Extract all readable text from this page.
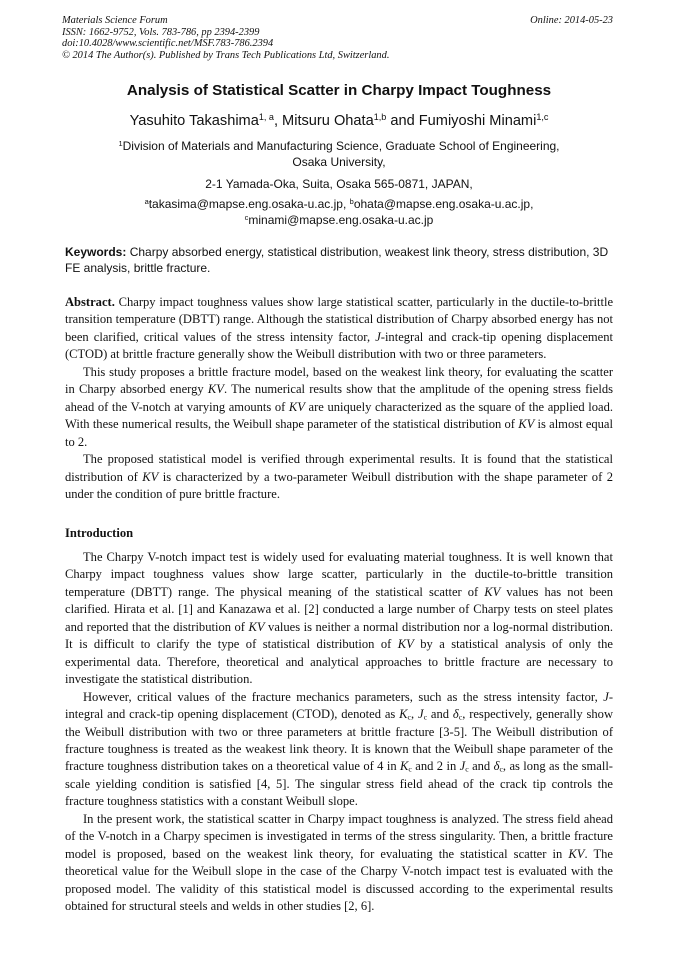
Materials Science Forum
ISSN: 1662-9752, Vols. 783-786, pp 2394-2399
doi:10.4028/www.scientific.net/MSF.783-786.2394
© 2014 The Author(s). Published by Trans Tech Publications Ltd, Switzerland.
Online: 2014-05-23
Analysis of Statistical Scatter in Charpy Impact Toughness
Yasuhito Takashima$^{1, a}$, Mitsuru Ohata$^{1,b}$ and Fumiyoshi Minami$^{1,c}$
$^1$Division of Materials and Manufacturing Science, Graduate School of Engineering,
Osaka University,
2-1 Yamada-Oka, Suita, Osaka 565-0871, JAPAN,
$^a$takasima@mapse.eng.osaka-u.ac.jp, $^b$ohata@mapse.eng.osaka-u.ac.jp,
$^c$minami@mapse.eng.osaka-u.ac.jp
Keywords: Charpy absorbed energy, statistical distribution, weakest link theory, stress distribution, 3D FE analysis, brittle fracture.

Abstract. Charpy impact toughness values show large statistical scatter, particularly in the ductile-to-brittle transition temperature (DBTT) range. Although the statistical distribution of Charpy absorbed energy has not been clarified, critical values of the stress intensity factor, J-integral and crack-tip opening displacement (CTOD) at brittle fracture generally show the Weibull distribution with two or three parameters.

This study proposes a brittle fracture model, based on the weakest link theory, for evaluating the scatter in Charpy absorbed energy KV. The numerical results show that the amplitude of the opening stress fields ahead of the V-notch at varying amounts of KV are uniquely characterized as the square of the applied load. With these numerical results, the Weibull shape parameter of the statistical distribution of KV is almost equal to 2.

The proposed statistical model is verified through experimental results. It is found that the statistical distribution of KV is characterized by a two-parameter Weibull distribution with the shape parameter of 2 under the condition of pure brittle fracture.

Introduction

The Charpy V-notch impact test is widely used for evaluating material toughness. It is well known that Charpy impact toughness values show large scatter, particularly in the ductile-to-brittle transition temperature (DBTT) range. The physical meaning of the statistical scatter of KV values has not been clarified. Hirata et al. [1] and Kanazawa et al. [2] conducted a large number of Charpy tests on steel plates and reported that the distribution of KV values is neither a normal distribution nor a log-normal distribution. It is difficult to clarify the type of statistical distribution of KV by a statistical analysis of only the experimental data. Therefore, theoretical and analytical approaches to brittle fracture are necessary to investigate the statistical distribution.

However, critical values of the fracture mechanics parameters, such as the stress intensity factor, J-integral and crack-tip opening displacement (CTOD), denoted as $K_c$, $J_c$ and $\delta_c$, respectively, generally show the Weibull distribution with two or three parameters at brittle fracture [3-5]. The Weibull distribution of fracture toughness is treated as the weakest link theory. It is known that the Weibull shape parameter of the fracture toughness distribution takes on a theoretical value of 4 in $K_c$ and 2 in $J_c$ and $\delta_c$, as long as the small-scale yielding condition is satisfied [4, 5]. The singular stress field ahead of the crack tip controls the fracture toughness statistics with a constant Weibull slope.

In the present work, the statistical scatter in Charpy impact toughness is analyzed. The stress field ahead of the V-notch in a Charpy specimen is investigated in terms of the stress singularity. Then, a brittle fracture model is proposed, based on the weakest link theory, for evaluating the statistical scatter in KV. The theoretical value for the Weibull slope in the case of the Charpy V-notch impact test is evaluated with the proposed model. The validity of this statistical model is discussed according to the experimental results obtained for structural steels and welds in other studies [2, 6].
